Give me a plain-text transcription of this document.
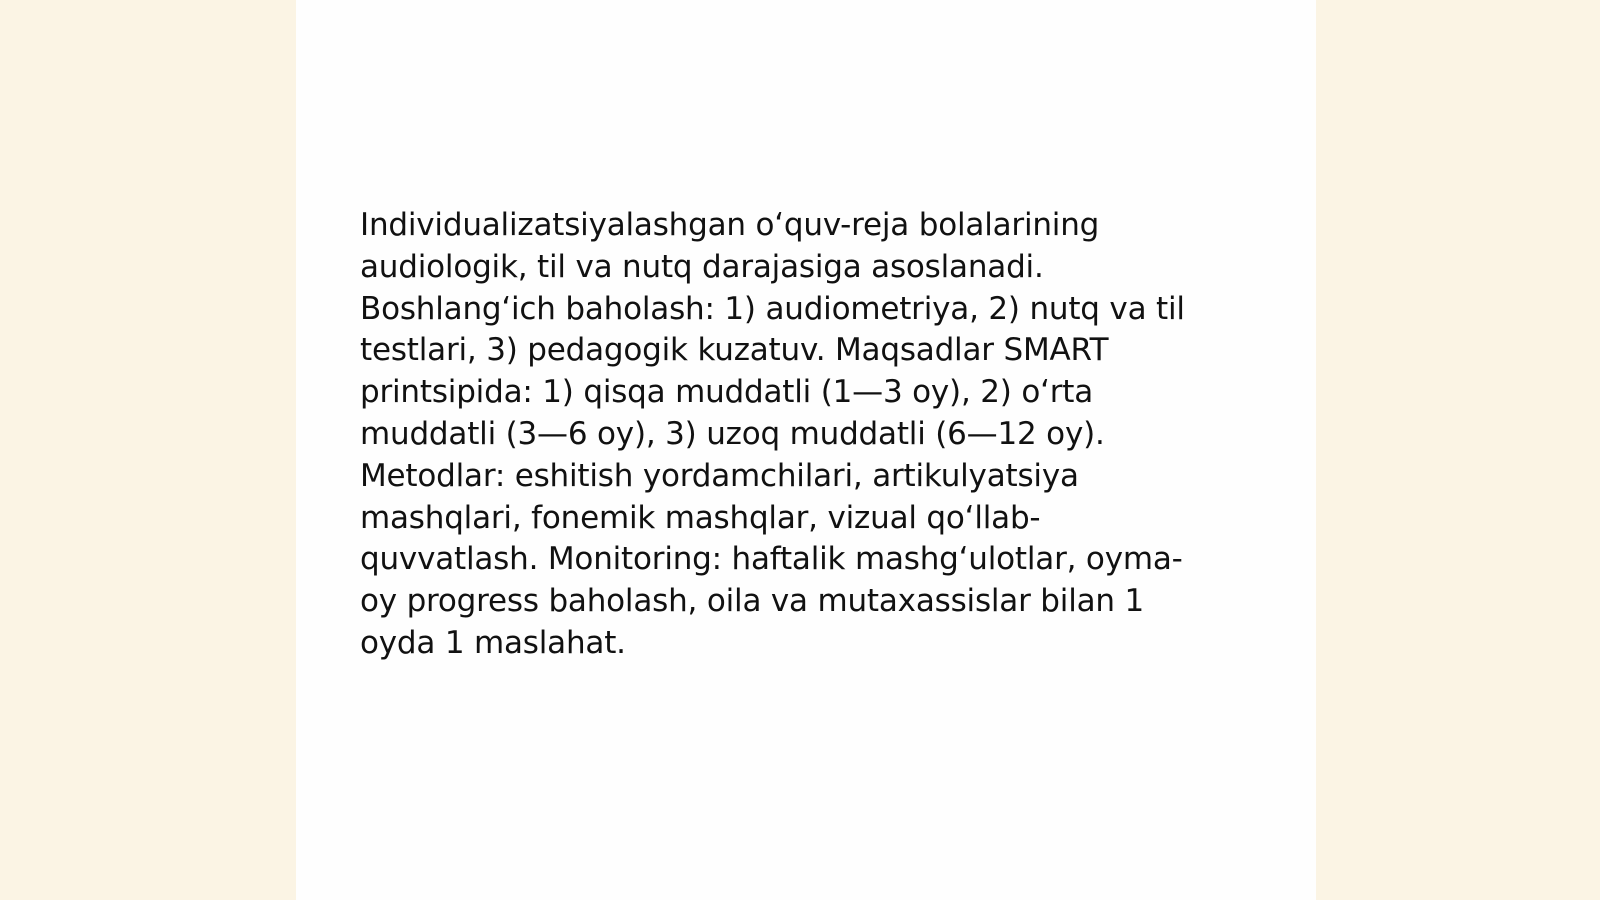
Individualizatsiyalashgan o‘quv-reja bolalarining
audiologik, til va nutq darajasiga asoslanadi.
Boshlang‘ich baholash: 1) audiometriya, 2) nutq va til
testlari, 3) pedagogik kuzatuv. Maqsadlar SMART
printsipida: 1) qisqa muddatli (1—3 oy), 2) o‘rta
muddatli (3—6 oy), 3) uzoq muddatli (6—12 oy).
Metodlar: eshitish yordamchilari, artikulyatsiya
mashqlari, fonemik mashqlar, vizual qo‘llab-
quvvatlash. Monitoring: haftalik mashg‘ulotlar, oyma-
oy progress baholash, oila va mutaxassislar bilan 1
oyda 1 maslahat.
